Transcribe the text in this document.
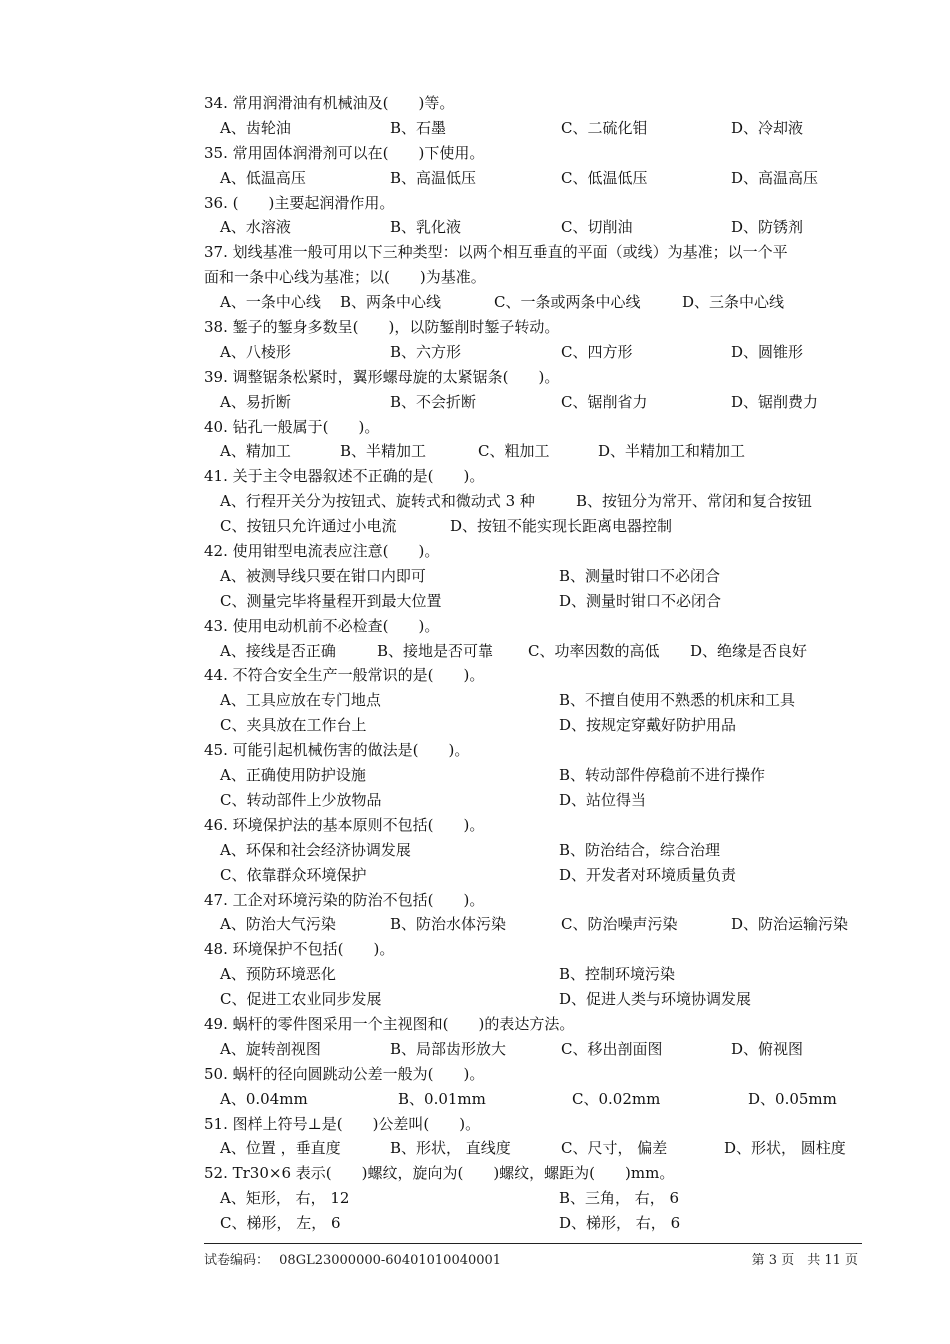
34. 常用润滑油有机械油及(　　)等。
A、齿轮油	B、石墨	C、二硫化钼	D、冷却液
35. 常用固体润滑剂可以在(　　)下使用。
A、低温高压	B、高温低压	C、低温低压	D、高温高压
36. (　　)主要起润滑作用。
A、水溶液	B、乳化液	C、切削油	D、防锈剂
37. 划线基准一般可用以下三种类型：以两个相互垂直的平面（或线）为基准；以一个平
面和一条中心线为基准；以(　　)为基准。
A、一条中心线 B、两条中心线	C、一条或两条中心线	D、三条中心线
38. 錾子的錾身多数呈(　　)，以防錾削时錾子转动。
A、八棱形	B、六方形	C、四方形	D、圆锥形
39. 调整锯条松紧时，翼形螺母旋的太紧锯条(　　)。
A、易折断	B、不会折断	C、锯削省力	D、锯削费力
40. 钻孔一般属于(　　)。
A、精加工	B、半精加工	C、粗加工	D、半精加工和精加工
41. 关于主令电器叙述不正确的是(　　)。
A、行程开关分为按钮式、旋转式和微动式 3 种	B、按钮分为常开、常闭和复合按钮
C、按钮只允许通过小电流	D、按钮不能实现长距离电器控制
42. 使用钳型电流表应注意(　　)。
A、被测导线只要在钳口内即可	B、测量时钳口不必闭合
C、测量完毕将量程开到最大位置	D、测量时钳口不必闭合
43. 使用电动机前不必检查(　　)。
A、接线是否正确	B、接地是否可靠 C、功率因数的高低 D、绝缘是否良好
44. 不符合安全生产一般常识的是(　　)。
A、工具应放在专门地点	B、不擅自使用不熟悉的机床和工具
C、夹具放在工作台上	D、按规定穿戴好防护用品
45. 可能引起机械伤害的做法是(　　)。
A、正确使用防护设施	B、转动部件停稳前不进行操作
C、转动部件上少放物品	D、站位得当
46. 环境保护法的基本原则不包括(　　)。
A、环保和社会经济协调发展	B、防治结合，综合治理
C、依靠群众环境保护	D、开发者对环境质量负责
47. 工企对环境污染的防治不包括(　　)。
A、防治大气污染	B、防治水体污染	C、防治噪声污染	D、防治运输污染
48. 环境保护不包括(　　)。
A、预防环境恶化	B、控制环境污染
C、促进工农业同步发展	D、促进人类与环境协调发展
49. 蜗杆的零件图采用一个主视图和(　　)的表达方法。
A、旋转剖视图	B、局部齿形放大	C、移出剖面图	D、俯视图
50. 蜗杆的径向圆跳动公差一般为(　　)。
A、0.04mm	B、0.01mm	C、0.02mm	D、0.05mm
51. 图样上符号⊥是(　　)公差叫(　　)。
A、位置 ，垂直度	B、形状， 直线度	C、尺寸， 偏差	D、形状， 圆柱度
52. Tr30×6 表示(　　)螺纹，旋向为(　　)螺纹，螺距为(　　)mm。
A、矩形， 右， 12	B、三角， 右， 6
C、梯形， 左， 6	D、梯形， 右， 6
试卷编码： 08GL23000000-60401010040001	第 3 页　共 11 页
